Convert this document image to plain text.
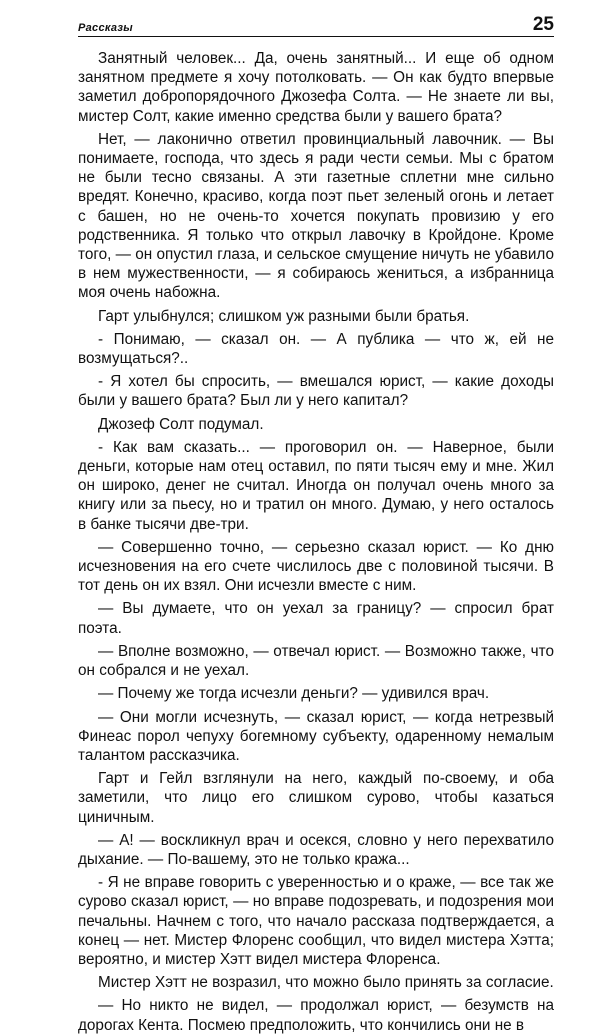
Рассказы	25

Занятный человек... Да, очень занятный... И еще об одном занятном предмете я хочу потолковать. — Он как будто впервые заметил добропорядочного Джозефа Солта. — Не знаете ли вы, мистер Солт, какие именно средства были у вашего брата?

Нет, — лаконично ответил провинциальный лавочник. — Вы понимаете, господа, что здесь я ради чести семьи. Мы с братом не были тесно связаны. А эти газетные сплетни мне сильно вредят. Конечно, красиво, когда поэт пьет зеленый огонь и летает с башен, но не очень-то хочется покупать провизию у его родственника. Я только что открыл лавочку в Кройдоне. Кроме того, — он опустил глаза, и сельское смущение ничуть не убавило в нем мужественности, — я собираюсь жениться, а избранница моя очень набожна.

Гарт улыбнулся; слишком уж разными были братья.

- Понимаю, — сказал он. — А публика — что ж, ей не возмущаться?..

- Я хотел бы спросить, — вмешался юрист, — какие доходы были у вашего брата? Был ли у него капитал?

Джозеф Солт подумал.

- Как вам сказать... — проговорил он. — Наверное, были деньги, которые нам отец оставил, по пяти тысяч ему и мне. Жил он широко, денег не считал. Иногда он получал очень много за книгу или за пьесу, но и тратил он много. Думаю, у него осталось в банке тысячи две-три.

— Совершенно точно, — серьезно сказал юрист. — Ко дню исчезновения на его счете числилось две с половиной тысячи. В тот день он их взял. Они исчезли вместе с ним.

— Вы думаете, что он уехал за границу? — спросил брат поэта.

— Вполне возможно, — отвечал юрист. — Возможно также, что он собрался и не уехал.

— Почему же тогда исчезли деньги? — удивился врач.

— Они могли исчезнуть, — сказал юрист, — когда нетрезвый Финеас порол чепуху богемному субъекту, одаренному немалым талантом рассказчика.

Гарт и Гейл взглянули на него, каждый по-своему, и оба заметили, что лицо его слишком сурово, чтобы казаться циничным.

— А! — воскликнул врач и осекся, словно у него перехватило дыхание. — По-вашему, это не только кража...

- Я не вправе говорить с уверенностью и о краже, — все так же сурово сказал юрист, — но вправе подозревать, и подозрения мои печальны. Начнем с того, что начало рассказа подтверждается, а конец — нет. Мистер Флоренс сообщил, что видел мистера Хэтта; вероятно, и мистер Хэтт видел мистера Флоренса.

Мистер Хэтт не возразил, что можно было принять за согласие.

— Но никто не видел, — продолжал юрист, — безумств на дорогах Кента. Посмею предположить, что кончились они не в
